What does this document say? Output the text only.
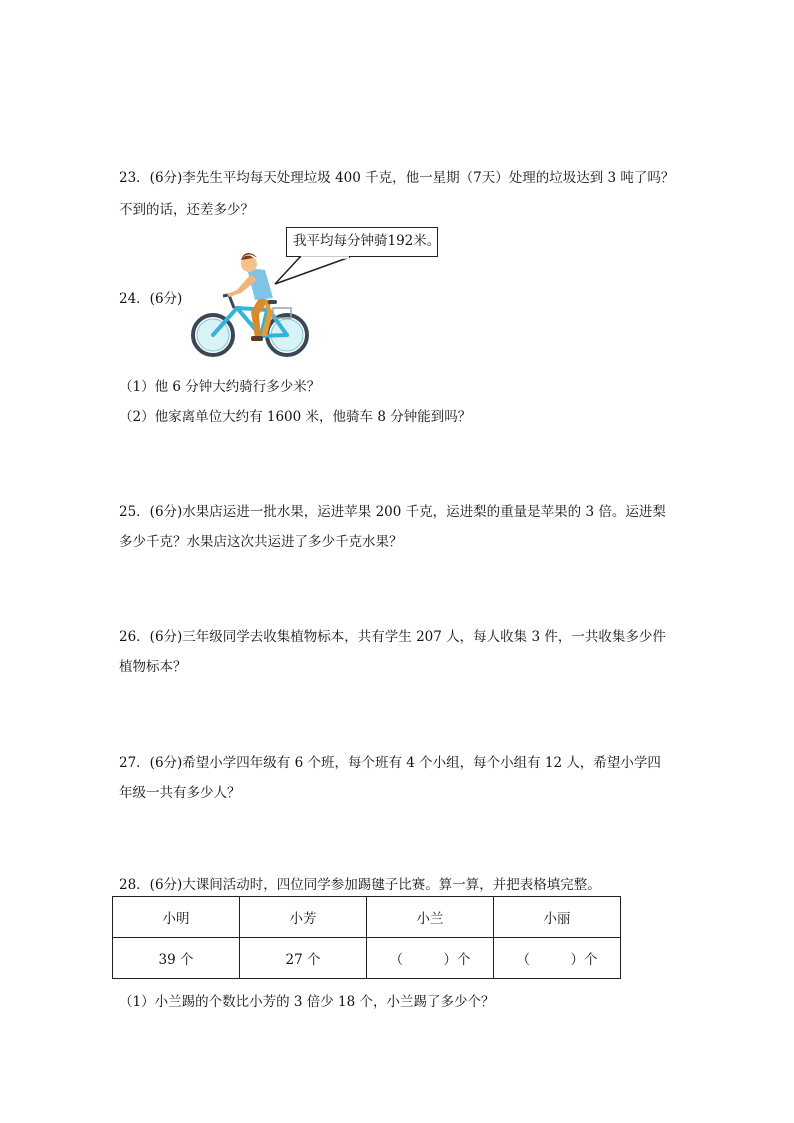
23．(6分)李先生平均每天处理垃圾 400 千克，他一星期（7天）处理的垃圾达到 3 吨了吗？
不到的话，还差多少？
我平均每分钟骑192米。
24．(6分)
（1）他 6 分钟大约骑行多少米？
（2）他家离单位大约有 1600 米，他骑车 8 分钟能到吗？
25．(6分)水果店运进一批水果，运进苹果 200 千克，运进梨的重量是苹果的 3 倍。运进梨
多少千克？水果店这次共运进了多少千克水果？
26．(6分)三年级同学去收集植物标本，共有学生 207 人，每人收集 3 件，一共收集多少件
植物标本？
27．(6分)希望小学四年级有 6 个班，每个班有 4 个小组，每个小组有 12 人，希望小学四
年级一共有多少人？
28．(6分)大课间活动时，四位同学参加踢毽子比赛。算一算，并把表格填完整。
小明	小芳	小兰	小丽
39 个	27 个	（　　　）个	（　　　）个
（1）小兰踢的个数比小芳的 3 倍少 18 个，小兰踢了多少个？
